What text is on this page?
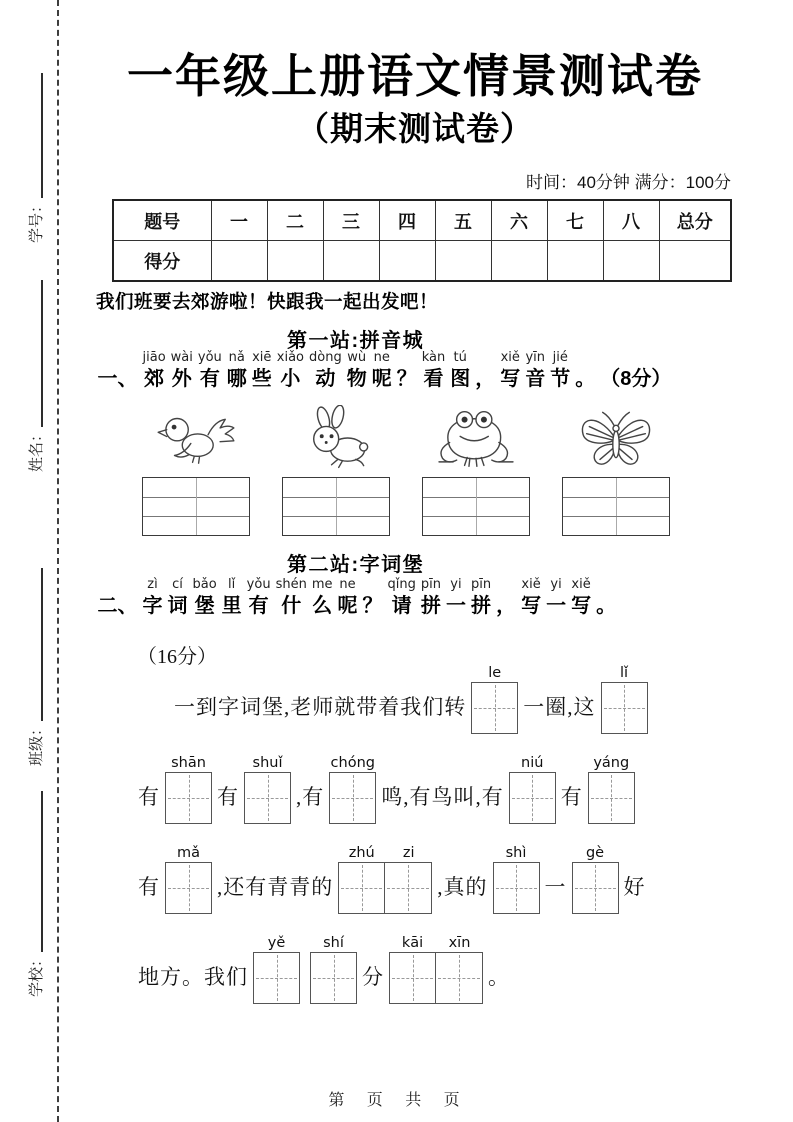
学号：
姓名：
班级：
学校：
一年级上册语文情景测试卷
（期末测试卷）
时间：40分钟 满分：100分
题号	一	二	三	四	五	六	七	八	总分
得分									
我们班要去郊游啦！快跟我一起出发吧！
第一站:拼音城
一、
jiāo
郊
wài
外
yǒu
有
nǎ
哪
xiē
些
xiǎo
小
dòng
动
wù
物
ne
呢 ？
kàn
看
tú
图 ，
xiě
写
yīn
音
jié
节 。 （8分）
第二站:字词堡
二、
zì
字
cí
词
bǎo
堡
lǐ
里
yǒu
有
shén
什
me
么
ne
呢 ？
qǐng
请
pīn
拼
yi
一
pīn
拼 ，
xiě
写
yi
一
xiě
写 。
（16分）
一到字词堡,老师就带着我们转
le
一圈,这
lǐ
有
shān
有
shuǐ
,有
chóng
鸣,有鸟叫,有
niú
有
yáng
有
mǎ
,还有青青的
zhú	zi
,真的
shì
一
gè
好
地方。我们
yě	shí
分
kāi	xīn
。
第 页 共 页
